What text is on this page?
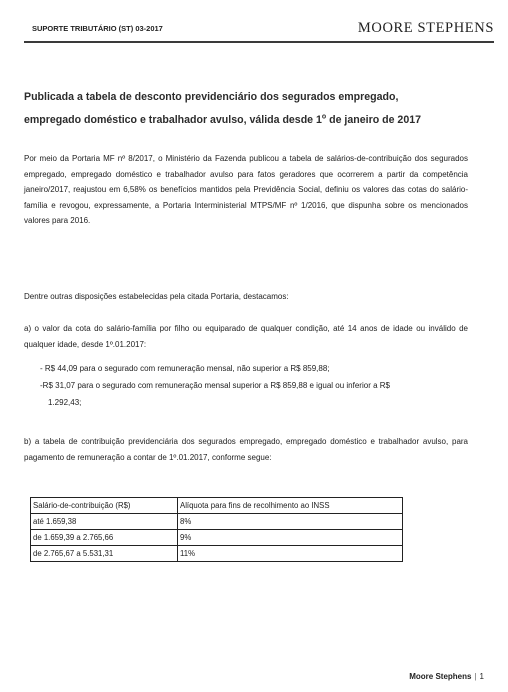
SUPORTE TRIBUTÁRIO (ST) 03-2017	MOORE STEPHENS
Publicada a tabela de desconto previdenciário dos segurados empregado,
empregado doméstico e trabalhador avulso, válida desde 1$^o$ de janeiro de 2017

Por meio da Portaria MF nº 8/2017, o Ministério da Fazenda publicou a tabela de salários-de-contribuição dos segurados empregado, empregado doméstico e trabalhador avulso para fatos geradores que ocorrerem a partir da competência janeiro/2017, reajustou em 6,58% os benefícios mantidos pela Previdência Social, definiu os valores das cotas do salário-família e revogou, expressamente, a Portaria Interministerial MTPS/MF nº 1/2016, que dispunha sobre os mencionados valores para 2016.

Dentre outras disposições estabelecidas pela citada Portaria, destacamos:

a) o valor da cota do salário-família por filho ou equiparado de qualquer condição, até 14 anos de idade ou inválido de qualquer idade, desde 1º.01.2017:

- R$ 44,09 para o segurado com remuneração mensal, não superior a R$ 859,88;

-R$ 31,07 para o segurado com remuneração mensal superior a R$ 859,88 e igual ou inferior a R$

1.292,43;

b) a tabela de contribuição previdenciária dos segurados empregado, empregado doméstico e trabalhador avulso, para pagamento de remuneração a contar de 1º.01.2017, conforme segue:

Salário-de-contribuição (R$)	Alíquota para fins de recolhimento ao INSS
até 1.659,38	8%
de 1.659,39 a 2.765,66	9%
de 2.765,67 a 5.531,31	11%
Moore Stephens | 1
